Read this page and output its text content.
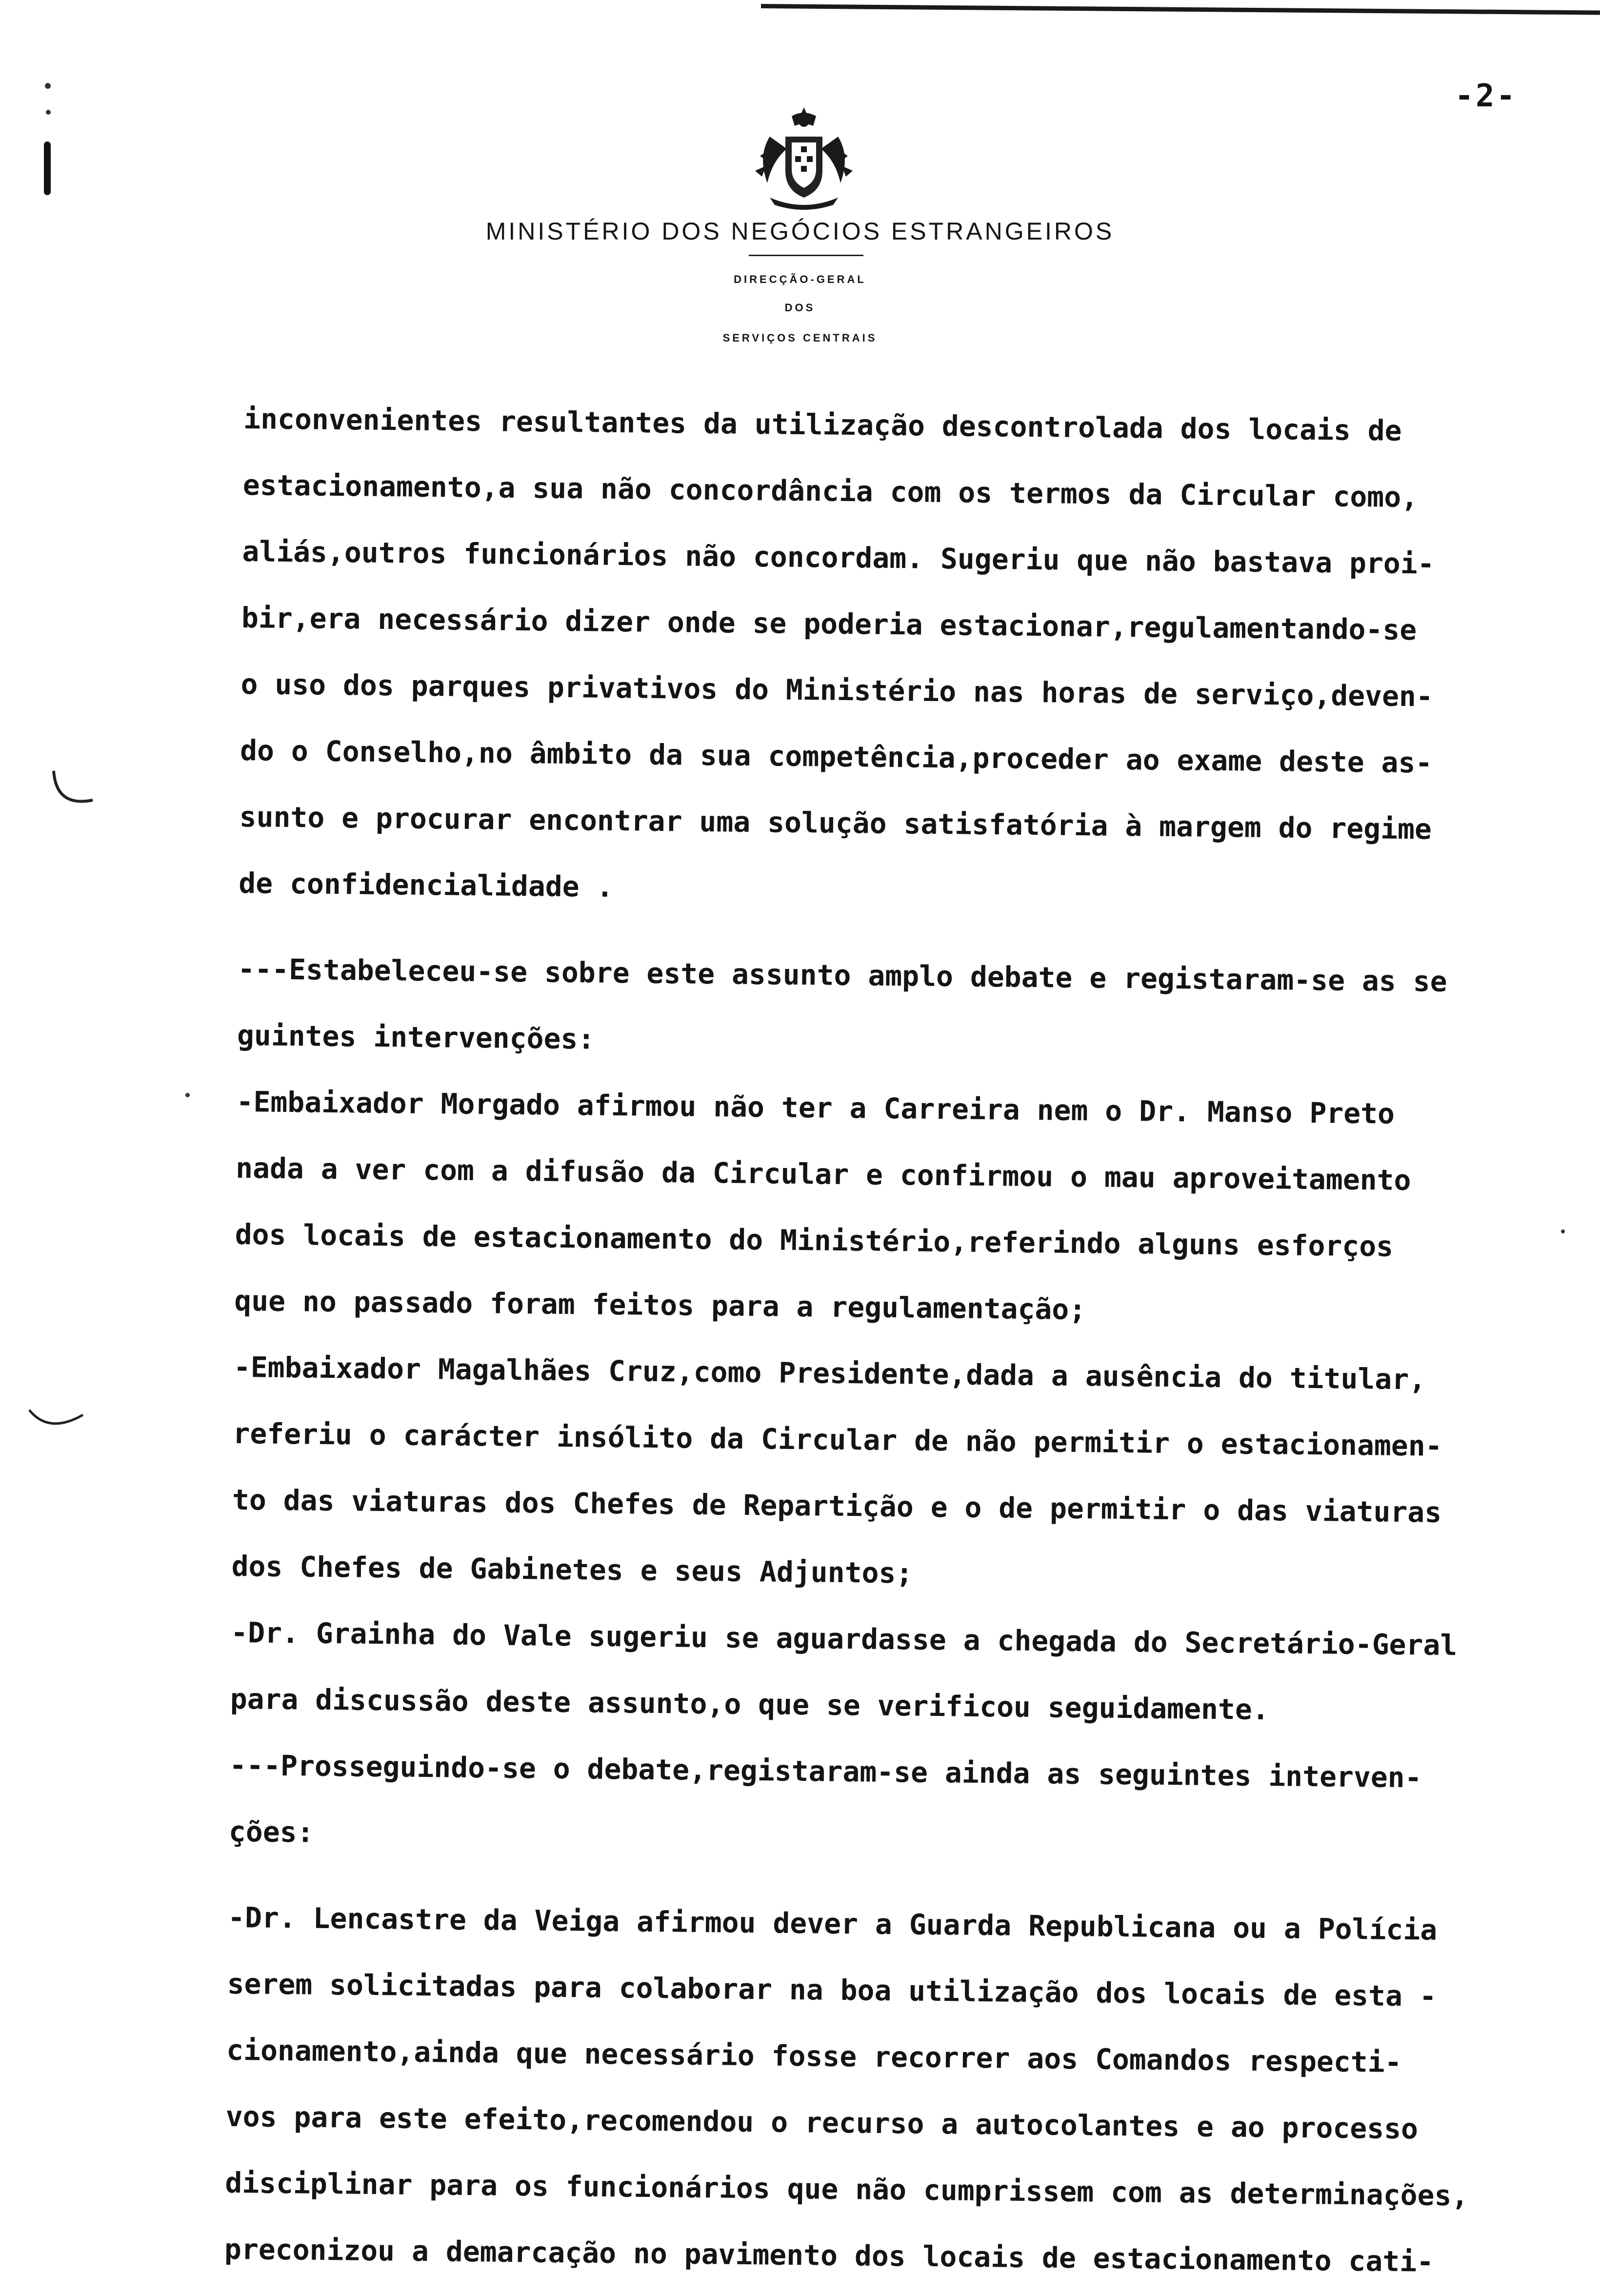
-2-
MINISTÉRIO DOS NEGÓCIOS ESTRANGEIROS
DIRECÇÃO-GERAL
DOS
SERVIÇOS CENTRAIS
inconvenientes resultantes da utilização descontrolada dos locais de
estacionamento,a sua não concordância com os termos da Circular como,
aliás,outros funcionários não concordam. Sugeriu que não bastava proi-
bir,era necessário dizer onde se poderia estacionar,regulamentando-se
o uso dos parques privativos do Ministério nas horas de serviço,deven-
do o Conselho,no âmbito da sua competência,proceder ao exame deste as-
sunto e procurar encontrar uma solução satisfatória à margem do regime
de confidencialidade .
---Estabeleceu-se sobre este assunto amplo debate e registaram-se as se
guintes intervenções:
-Embaixador Morgado afirmou não ter a Carreira nem o Dr. Manso Preto
nada a ver com a difusão da Circular e confirmou o mau aproveitamento
dos locais de estacionamento do Ministério,referindo alguns esforços
que no passado foram feitos para a regulamentação;
-Embaixador Magalhães Cruz,como Presidente,dada a ausência do titular,
referiu o carácter insólito da Circular de não permitir o estacionamen-
to das viaturas dos Chefes de Repartição e o de permitir o das viaturas
dos Chefes de Gabinetes e seus Adjuntos;
-Dr. Grainha do Vale sugeriu se aguardasse a chegada do Secretário-Geral
para discussão deste assunto,o que se verificou seguidamente.
---Prosseguindo-se o debate,registaram-se ainda as seguintes interven-
ções:
-Dr. Lencastre da Veiga afirmou dever a Guarda Republicana ou a Polícia
serem solicitadas para colaborar na boa utilização dos locais de esta -
cionamento,ainda que necessário fosse recorrer aos Comandos respecti-
vos para este efeito,recomendou o recurso a autocolantes e ao processo
disciplinar para os funcionários que não cumprissem com as determinações,
preconizou a demarcação no pavimento dos locais de estacionamento cati-
